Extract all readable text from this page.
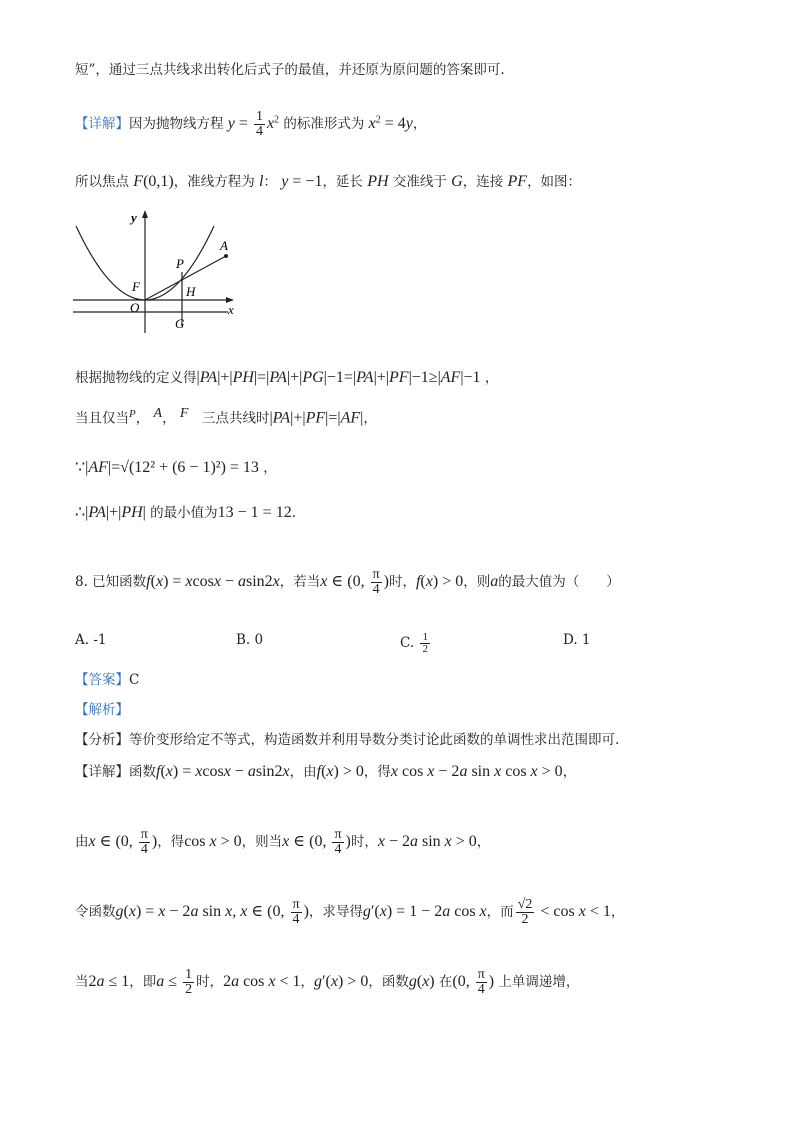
短”，通过三点共线求出转化后式子的最值，并还原为原问题的答案即可.
【详解】因为抛物线方程 $y = \frac{1}{4} x^2$ 的标准形式为 $x^2 = 4y$，
所以焦点 F(0,1)，准线方程为 l： y = −1，延长 PH 交准线于 G，连接 PF，如图：
y
x
A
P
F	H
O
G
根据抛物线的定义得|PA|+|PH|=|PA|+|PG|−1=|PA|+|PF|−1≥|AF|−1 ，
当且仅当$^P$， $^A$， $^F$　 三点共线时|PA|+|PF|=|AF|，
∵|AF|=√(12² + (6 − 1)²) = 13 ，
∴|PA|+|PH| 的最小值为13 − 1 = 12.
8. 已知函数f(x) = xcosx − asin2x，若当x ∈ (0, $\frac{\pi}{4}$ )时，f(x) > 0，则a的最大值为（　　）
A. -1	B. 0	C. $\frac{1}{2}$	D. 1
【答案】C
【解析】
【分析】等价变形给定不等式，构造函数并利用导数分类讨论此函数的单调性求出范围即可.
【详解】函数f(x) = xcosx − asin2x，由f(x) > 0，得x cos x − 2a sin x cos x > 0，
由x ∈ (0, $\frac{\pi}{4}$ )，得cos x > 0，则当x ∈ (0, $\frac{\pi}{4}$ )时，x − 2a sin x > 0，
令函数g(x) = x − 2a sin x, x ∈ (0, $\frac{\pi}{4}$ )，求导得g′(x) = 1 − 2a cos x，而 $\frac{√2}{2} < \cos x < 1$，
当2a ≤ 1，即$a \le \frac{1}{2}$ 时，2a cos x < 1，g′(x) > 0，函数g(x) 在(0, $\frac{\pi}{4}$ ) 上单调递增，
